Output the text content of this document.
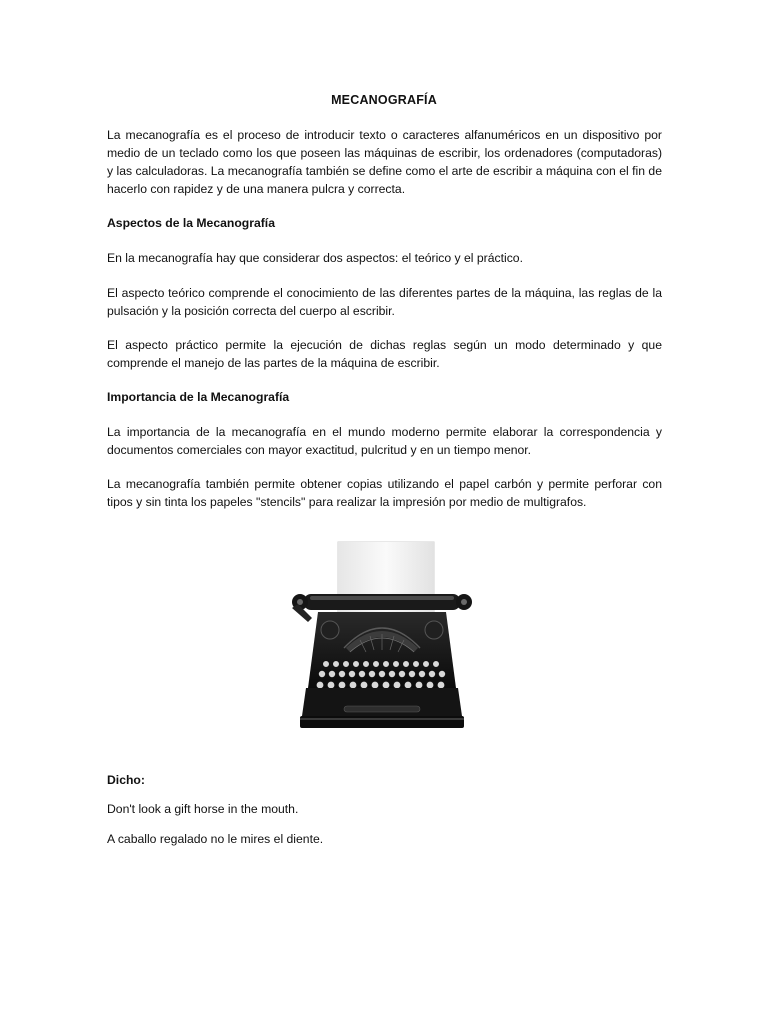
MECANOGRAFÍA
La mecanografía es el proceso de introducir texto o caracteres alfanuméricos en un dispositivo por medio de un teclado como los que poseen las máquinas de escribir, los ordenadores (computadoras) y las calculadoras. La mecanografía también se define como el arte de escribir a máquina con el fin de hacerlo con rapidez y de una manera pulcra y correcta.
Aspectos de la Mecanografía
En la mecanografía hay que considerar dos aspectos: el teórico y el práctico.
El aspecto teórico comprende el conocimiento de las diferentes partes de la máquina, las reglas de la pulsación y la posición correcta del cuerpo al escribir.
El aspecto práctico permite la ejecución de dichas reglas según un modo determinado y que comprende el manejo de las partes de la máquina de escribir.
Importancia de la Mecanografía
La importancia de la mecanografía en el mundo moderno permite elaborar la correspondencia y documentos comerciales con mayor exactitud, pulcritud y en un tiempo menor.
La mecanografía también permite obtener copias utilizando el papel carbón y permite perforar con tipos y sin tinta los papeles "stencils" para realizar la impresión por medio de multigrafos.
Dicho:
Don't look a gift horse in the mouth.
A caballo regalado no le mires el diente.
